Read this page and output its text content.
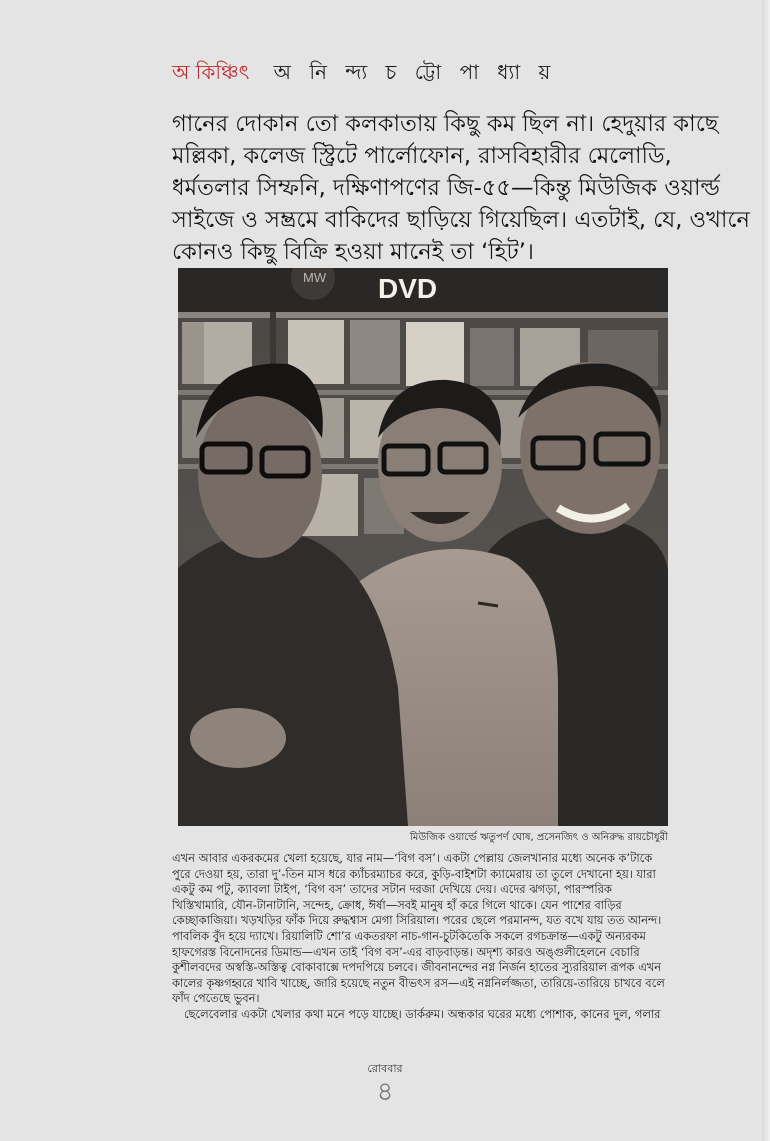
অ কিঞ্চিৎ অ নি ন্দ্য চ ট্টো পা ধ্যা য়

গানের দোকান তো কলকাতায় কিছু কম ছিল না। হেদুয়ার কাছে

মল্লিকা, কলেজ স্ট্রিটে পার্লোফোন, রাসবিহারীর মেলোডি,

ধর্মতলার সিম্ফনি, দক্ষিণাপণের জি-৫৫—কিন্তু মিউজিক ওয়ার্ল্ড

সাইজে ও সম্ভ্রমে বাকিদের ছাড়িয়ে গিয়েছিল। এতটাই, যে, ওখানে

কোনও কিছু বিক্রি হওয়া মানেই তা ‘হিট’।

MW DVD
মিউজিক ওয়ার্ল্ডে ঋতুপর্ণ ঘোষ, প্রসেনজিৎ ও অনিরুদ্ধ রায়চৌধুরী

এখন আবার একরকমের খেলা হয়েছে, যার নাম—‘বিগ বস’। একটা পেল্লায় জেলখানার মধ্যে অনেক ক’টাকে
পুরে দেওয়া হয়, তারা দু’-তিন মাস ধরে ক্যাঁচরম্যাচর করে, কুড়ি-বাইশটা ক্যামেরায় তা তুলে দেখানো হয়। যারা
একটু কম পটু, ক্যাবলা টাইপ, ‘বিগ বস’ তাদের সটান দরজা দেখিয়ে দেয়। এদের ঝগড়া, পারস্পরিক
খিস্তিখামারি, যৌন-টানাটানি, সন্দেহ, ক্রোধ, ঈর্ষা—সবই মানুষ হাঁ করে গিলে থাকে। যেন পাশের বাড়ির
কেচ্ছাকাজিয়া। খড়খড়ির ফাঁক দিয়ে রুদ্ধশ্বাস মেগা সিরিয়াল। পরের ছেলে পরমানন্দ, যত বখে যায় তত আনন্দ।
পাবলিক বুঁদ হয়ে দ্যাখে। রিয়ালিটি শো’র একতরফা নাচ-গান-চুটকিতেকি সকলে রগচক্রান্ত—একটু অন্যরকম
হাফগেরস্ত বিনোদনের ডিমান্ড—এখন তাই ‘বিগ বস’-এর বাড়বাড়ন্ত। অদৃশ্য কারও অঙ্গুলীহেলনে বেচারি
কুশীলবদের অস্বস্তি-অস্তিত্ব বোকাবাক্সে দপদপিয়ে চলবে। জীবনানন্দের নগ্ন নির্জন হাতের স্যুররিয়াল রূপক এখন
কালের কৃষ্ণগহ্বরে খাবি খাচ্ছে, জারি হয়েছে নতুন বীভৎস রস—এই নগ্ননির্লজ্জতা, তারিয়ে-তারিয়ে চাখবে বলে
ফাঁদ পেতেছে ভুবন।

ছেলেবেলার একটা খেলার কথা মনে পড়ে যাচ্ছে। ডার্করুম। অন্ধকার ঘরের মধ্যে পোশাক, কানের দুল, গলার

রোববার
৪
